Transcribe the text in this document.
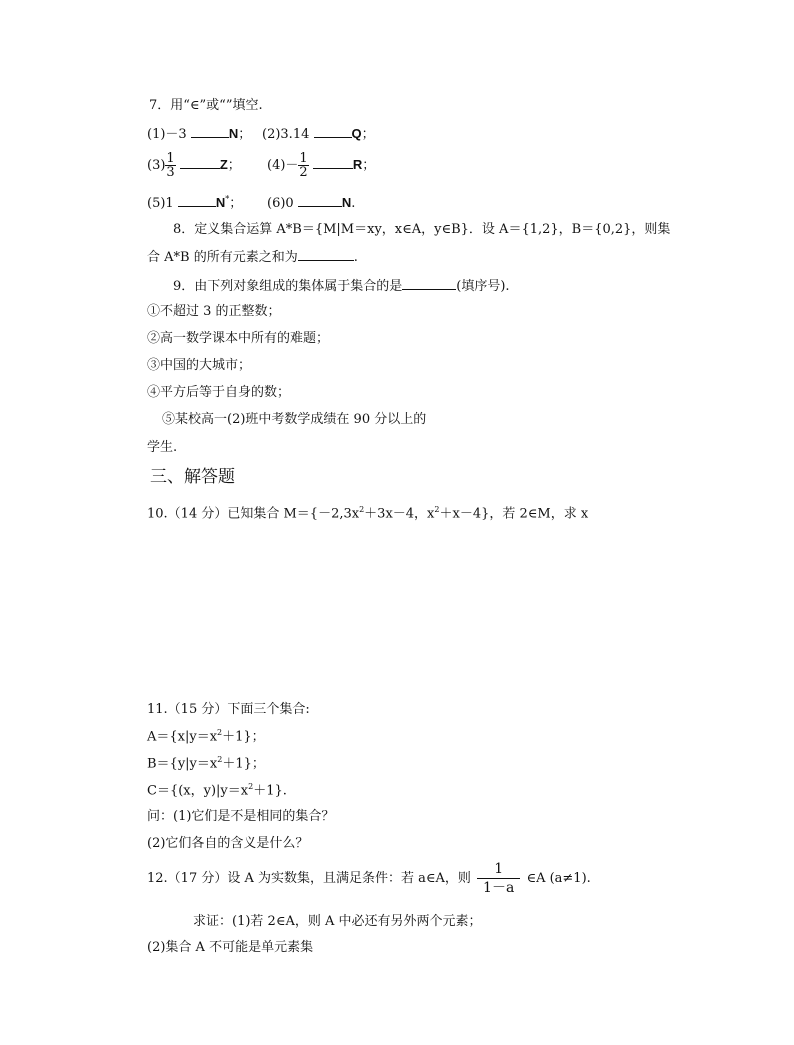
7．用“∈”或“”填空.
(1)－3	N； (2)3.14	Q；
$(3) \frac{1}{3}$	Z； $(4)- \frac{1}{2}$	R；
(5)1	N*； (6)0	N.
8．定义集合运算 A*B＝{M|M＝xy，x∈A，y∈B}．设 A＝{1,2}，B＝{0,2}，则集
合 A*B 的所有元素之和为	.
9．由下列对象组成的集体属于集合的是	(填序号).
①不超过 3 的正整数；
②高一数学课本中所有的难题；
③中国的大城市；
④平方后等于自身的数；
⑤某校高一(2)班中考数学成绩在 90 分以上的
学生.
三、解答题
10.（14 分）已知集合 $M=\{-2,3x^2+3x-4$，$x^2+x-4$}，若 2∈M，求 x
11.（15 分）下面三个集合:
$A=\{x|y=x^2+1\}$；
$B=\{y|y=x^2+1\}$；
C＝{(x，$y)|y=x^2+1$}.
问：(1)它们是不是相同的集合？
(2)它们各自的含义是什么？
12.（17 分）设 A 为实数集，且满足条件：若 a∈A，则 $\frac{1}{1-a}$ ∈A (a≠1).
求证：(1)若 2∈A，则 A 中必还有另外两个元素；
(2)集合 A 不可能是单元素集
